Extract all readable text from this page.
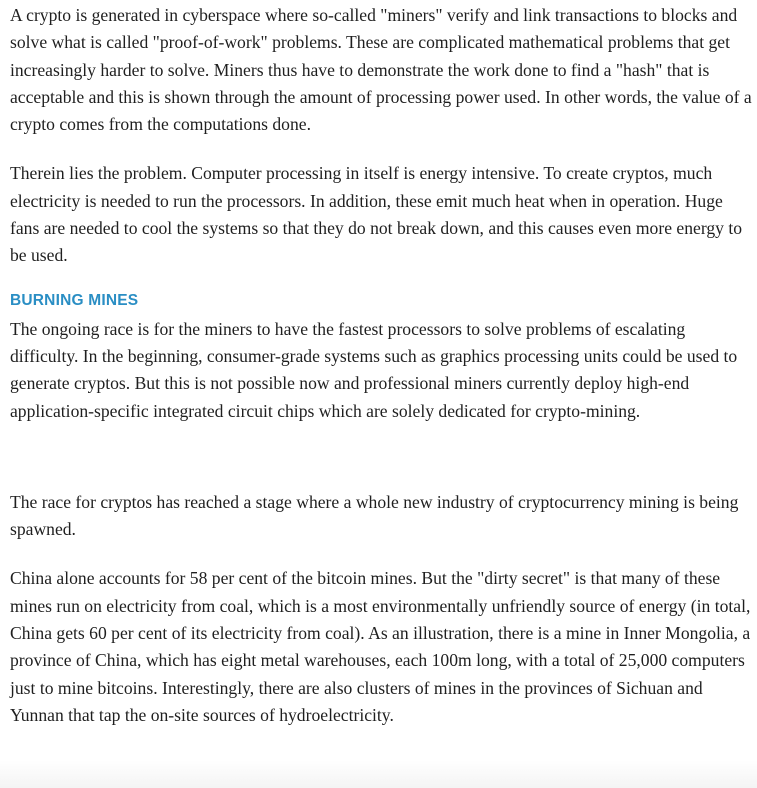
A crypto is generated in cyberspace where so-called "miners" verify and link transactions to blocks and solve what is called "proof-of-work" problems. These are complicated mathematical problems that get increasingly harder to solve. Miners thus have to demonstrate the work done to find a "hash" that is acceptable and this is shown through the amount of processing power used. In other words, the value of a crypto comes from the computations done.

Therein lies the problem. Computer processing in itself is energy intensive. To create cryptos, much electricity is needed to run the processors. In addition, these emit much heat when in operation. Huge fans are needed to cool the systems so that they do not break down, and this causes even more energy to be used.

BURNING MINES

The ongoing race is for the miners to have the fastest processors to solve problems of escalating difficulty. In the beginning, consumer-grade systems such as graphics processing units could be used to generate cryptos. But this is not possible now and professional miners currently deploy high-end application-specific integrated circuit chips which are solely dedicated for crypto-mining.

The race for cryptos has reached a stage where a whole new industry of cryptocurrency mining is being spawned.

China alone accounts for 58 per cent of the bitcoin mines. But the "dirty secret" is that many of these mines run on electricity from coal, which is a most environmentally unfriendly source of energy (in total, China gets 60 per cent of its electricity from coal). As an illustration, there is a mine in Inner Mongolia, a province of China, which has eight metal warehouses, each 100m long, with a total of 25,000 computers just to mine bitcoins. Interestingly, there are also clusters of mines in the provinces of Sichuan and Yunnan that tap the on-site sources of hydroelectricity.
